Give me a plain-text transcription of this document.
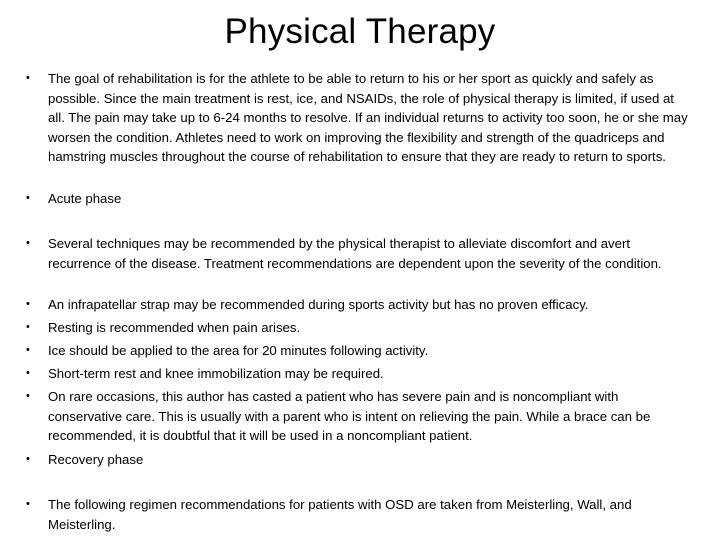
Physical Therapy
•	The goal of rehabilitation is for the athlete to be able to return to his or her sport as quickly and safely as possible. Since the main treatment is rest, ice, and NSAIDs, the role of physical therapy is limited, if used at all. The pain may take up to 6-24 months to resolve. If an individual returns to activity too soon, he or she may worsen the condition. Athletes need to work on improving the flexibility and strength of the quadriceps and hamstring muscles throughout the course of rehabilitation to ensure that they are ready to return to sports.
•	Acute phase
•	Several techniques may be recommended by the physical therapist to alleviate discomfort and avert recurrence of the disease. Treatment recommendations are dependent upon the severity of the condition.
•	An infrapatellar strap may be recommended during sports activity but has no proven efficacy.
•	Resting is recommended when pain arises.
•	Ice should be applied to the area for 20 minutes following activity.
•	Short-term rest and knee immobilization may be required.
•	On rare occasions, this author has casted a patient who has severe pain and is noncompliant with conservative care. This is usually with a parent who is intent on relieving the pain. While a brace can be recommended, it is doubtful that it will be used in a noncompliant patient.
•	Recovery phase
•	The following regimen recommendations for patients with OSD are taken from Meisterling, Wall, and Meisterling.
